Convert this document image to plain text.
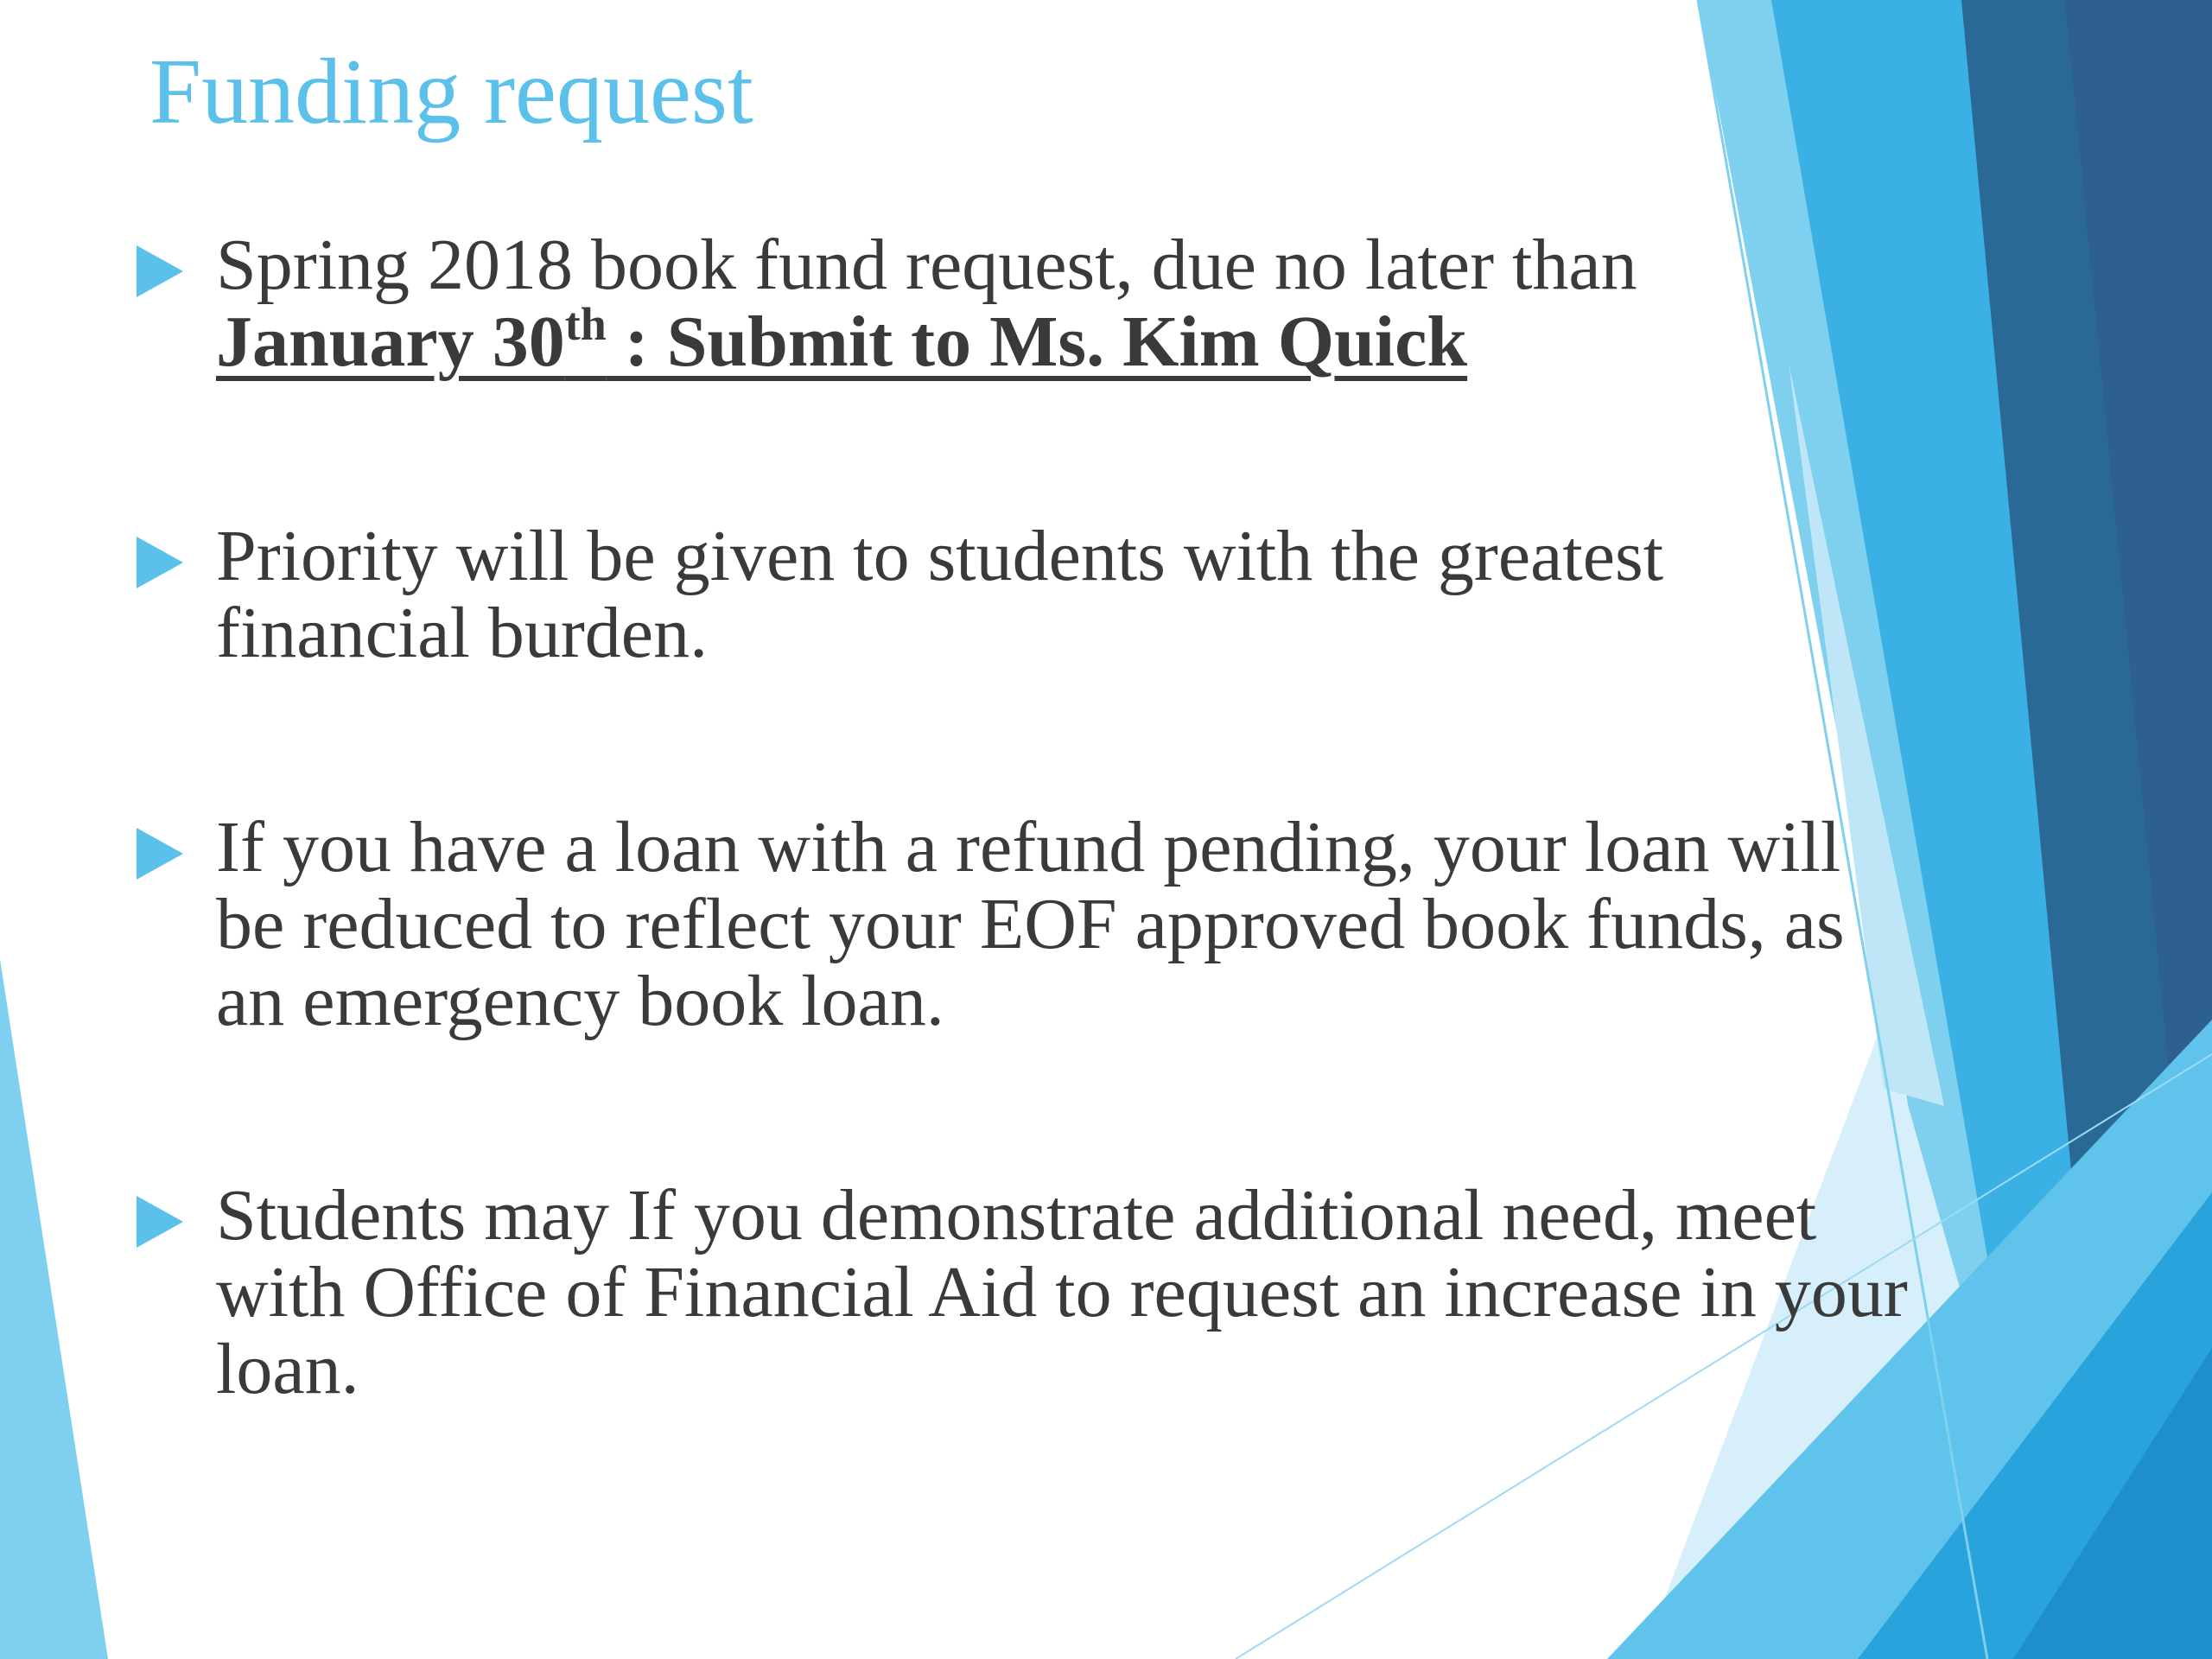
Funding request
Spring 2018 book fund request, due no later than
January 30th : Submit to Ms. Kim Quick
Priority will be given to students with the greatest
financial burden.
If you have a loan with a refund pending, your loan will
be reduced to reflect your EOF approved book funds, as
an emergency book loan.
Students may If you demonstrate additional need, meet
with Office of Financial Aid to request an increase in your
loan.
